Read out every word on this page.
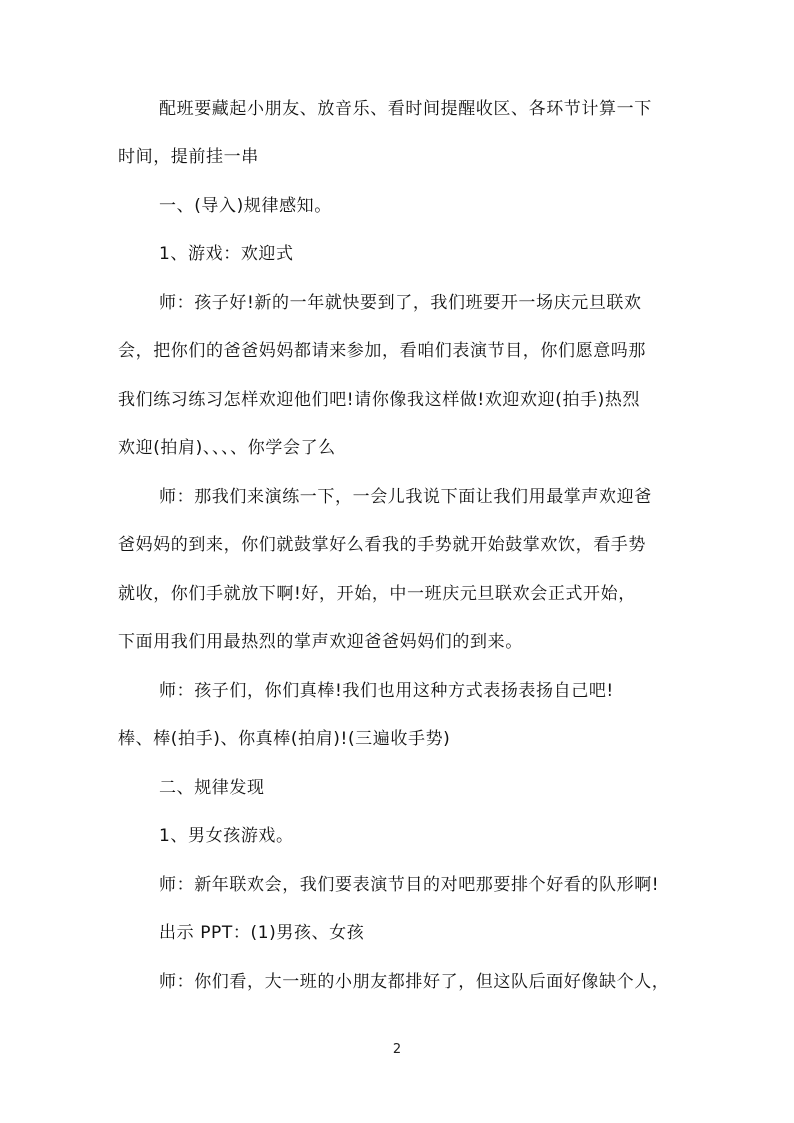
配班要藏起小朋友、放音乐、看时间提醒收区、各环节计算一下
时间，提前挂一串
一、(导入)规律感知。
1、游戏：欢迎式
师：孩子好!新的一年就快要到了，我们班要开一场庆元旦联欢
会，把你们的爸爸妈妈都请来参加，看咱们表演节目，你们愿意吗那
我们练习练习怎样欢迎他们吧!请你像我这样做!欢迎欢迎(拍手)热烈
欢迎(拍肩)、、、、你学会了么
师：那我们来演练一下，一会儿我说下面让我们用最掌声欢迎爸
爸妈妈的到来，你们就鼓掌好么看我的手势就开始鼓掌欢饮，看手势
就收，你们手就放下啊!好，开始，中一班庆元旦联欢会正式开始，
下面用我们用最热烈的掌声欢迎爸爸妈妈们的到来。
师：孩子们，你们真棒!我们也用这种方式表扬表扬自己吧!
棒、棒(拍手)、你真棒(拍肩)!(三遍收手势)
二、规律发现
1、男女孩游戏。
师：新年联欢会，我们要表演节目的对吧那要排个好看的队形啊!
出示 PPT：(1)男孩、女孩
师：你们看，大一班的小朋友都排好了，但这队后面好像缺个人，
2
